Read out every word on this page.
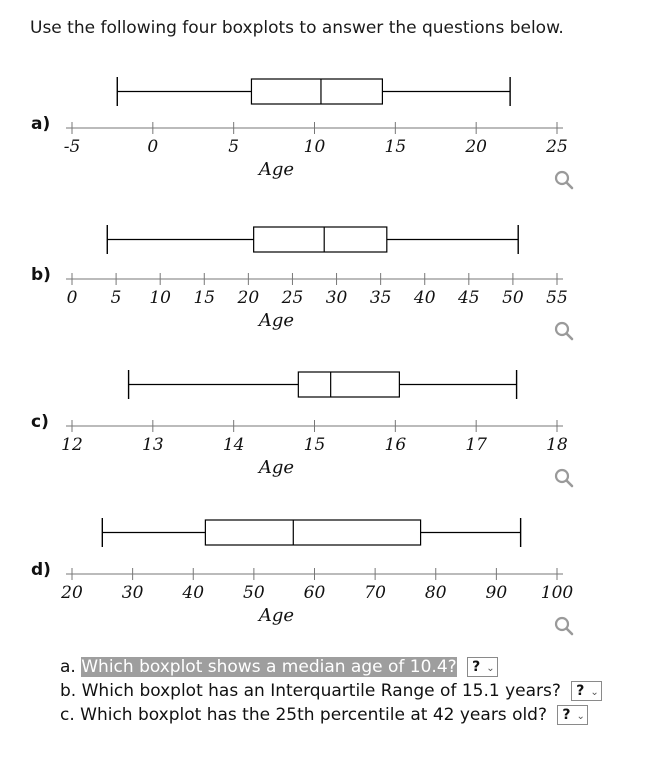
Use the following four boxplots to answer the questions below.
a)
-5	0	5	10	15	20	25
Age
b)
0 5 10 15 20 25 30 35 40 45 50 55
Age
c)
12	13	14	15	16	17	18
Age
d)
20 30 40 50 60 70 80 90 100
Age
a. Which boxplot shows a median age of 10.4? ? ⌄
b. Which boxplot has an Interquartile Range of 15.1 years? ? ⌄
c. Which boxplot has the 25th percentile at 42 years old? ? ⌄
